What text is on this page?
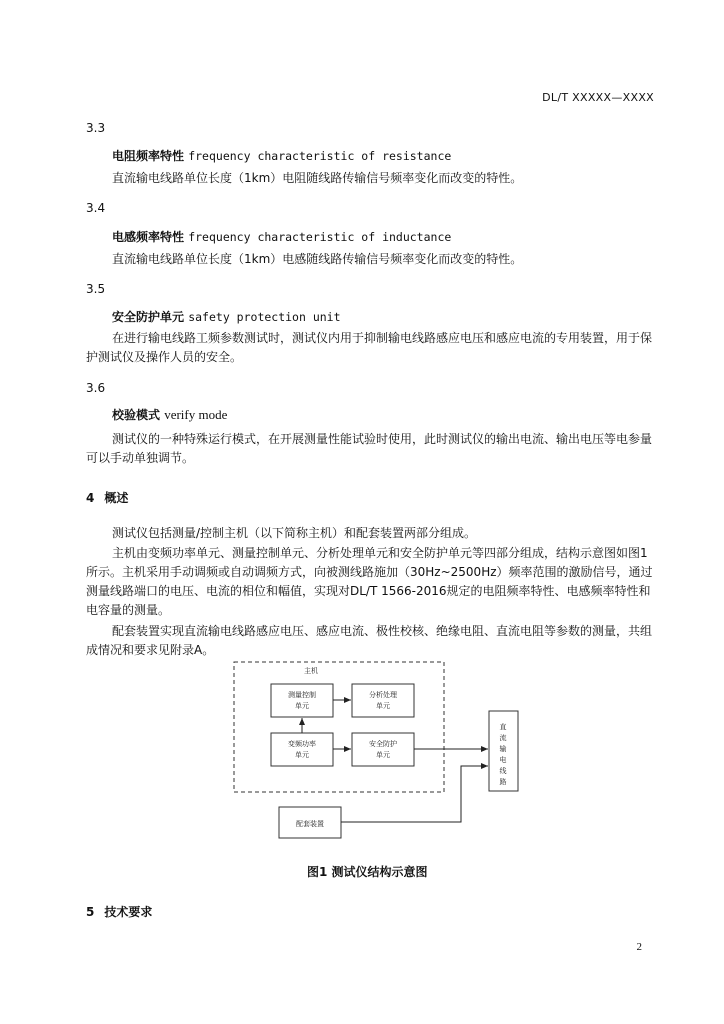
DL/T XXXXX—XXXX
3.3
电阻频率特性 frequency characteristic of resistance
直流输电线路单位长度（1km）电阻随线路传输信号频率变化而改变的特性。
3.4
电感频率特性 frequency characteristic of inductance
直流输电线路单位长度（1km）电感随线路传输信号频率变化而改变的特性。
3.5
安全防护单元 safety protection unit
在进行输电线路工频参数测试时，测试仪内用于抑制输电线路感应电压和感应电流的专用装置，用于保护测试仪及操作人员的安全。
3.6
校验模式 verify mode
测试仪的一种特殊运行模式，在开展测量性能试验时使用，此时测试仪的输出电流、输出电压等电参量可以手动单独调节。
4 概述
测试仪包括测量/控制主机（以下简称主机）和配套装置两部分组成。
主机由变频功率单元、测量控制单元、分析处理单元和安全防护单元等四部分组成，结构示意图如图1所示。主机采用手动调频或自动调频方式，向被测线路施加（30Hz~2500Hz）频率范围的激励信号，通过测量线路端口的电压、电流的相位和幅值，实现对DL/T 1566-2016规定的电阻频率特性、电感频率特性和电容量的测量。
配套装置实现直流输电线路感应电压、感应电流、极性校核、绝缘电阻、直流电阻等参数的测量，共组成情况和要求见附录A。
主机
测量控制
单元
分析处理
单元
变频功率
单元
安全防护
单元
配套装置
直
流
输
电
线
路
图1 测试仪结构示意图
5 技术要求
2
